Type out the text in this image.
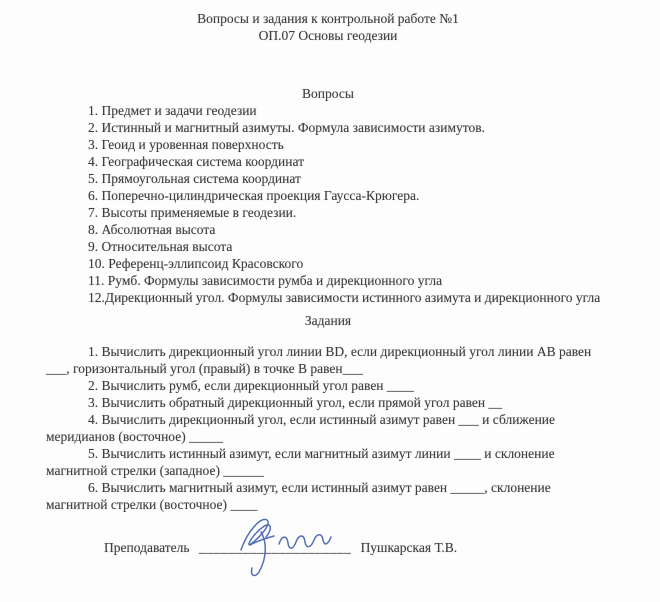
Вопросы и задания к контрольной работе №1

ОП.07 Основы геодезии

Вопросы

1. Предмет и задачи геодезии

2. Истинный и магнитный азимуты. Формула зависимости азимутов.

3. Геоид и уровенная поверхность

4. Географическая система координат

5. Прямоугольная система координат

6. Поперечно-цилиндрическая проекция Гаусса-Крюгера.

7. Высоты применяемые в геодезии.

8. Абсолютная высота

9. Относительная высота

10. Референц-эллипсоид Красовского

11. Румб. Формулы зависимости румба и дирекционного угла

12.Дирекционный угол. Формулы зависимости истинного азимута и дирекционного угла

Задания

1. Вычислить дирекционный угол линии BD, если дирекционный угол линии АВ равен ___, горизонтальный угол (правый) в точке В равен___

2. Вычислить румб, если дирекционный угол равен ____

3. Вычислить обратный дирекционный угол, если прямой угол равен __

4. Вычислить дирекционный угол, если истинный азимут равен ___ и сближение меридианов (восточное) _____

5. Вычислить истинный азимут, если магнитный азимут линии ____ и склонение магнитной стрелки (западное) ______

6. Вычислить магнитный азимут, если истинный азимут равен _____, склонение магнитной стрелки (восточное) ____

Преподаватель _____________________ Пушкарская Т.В.
